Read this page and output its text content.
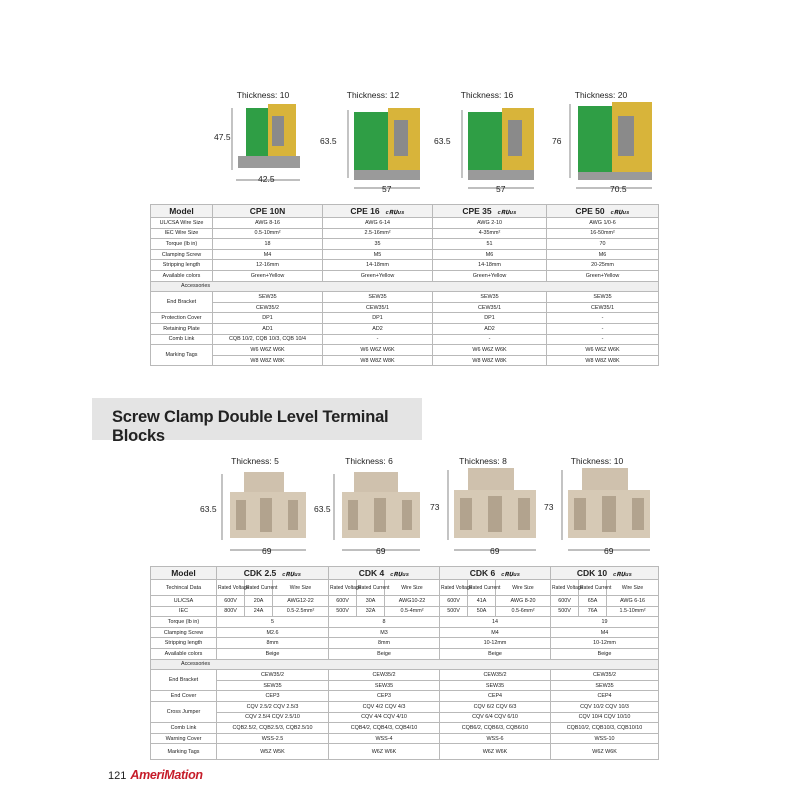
Thickness: 10
47.5
42.5
Thickness: 12
63.5
57
Thickness: 16
63.5
57
Thickness: 20
76
70.5
Model	CPE 10N	CPE 16 c𝐑𝐔us	CPE 35 c𝐑𝐔us	CPE 50 c𝐑𝐔us
UL/CSA Wire Size	AWG 8-16	AWG 6-14	AWG 2-10	AWG 1/0-6
IEC Wire Size	0.5-10mm²	2.5-16mm²	4-35mm²	16-50mm²
Torque (lb in)	18	35	51	70
Clamping Screw	M4	M5	M6	M6
Stripping length	12-16mm	14-18mm	14-18mm	20-25mm
Available colors	Green+Yellow	Green+Yellow	Green+Yellow	Green+Yellow
Accessories				
End Bracket	SEW35	SEW35	SEW35	SEW35
	CEW35/2	CEW35/1	CEW35/1	CEW35/1
Protection Cover	DP1	DP1	DP1	-
Retaining Plate	AD1	AD2	AD2	-
Comb Link	CQB 10/2, CQB 10/3, CQB 10/4	-	-	-
Marking Tags	W6 W6Z W6K	W6 W6Z W6K	W6 W6Z W6K	W6 W6Z W6K
	W8 W8Z W8K	W8 W8Z W8K	W8 W8Z W8K	W8 W8Z W8K
Screw Clamp Double Level Terminal Blocks
Thickness: 5
63.5
69
Thickness: 6
63.5
69
Thickness: 8
73
69
Thickness: 10
73
69
Model	CDK 2.5 c𝐑𝐔us			CDK 4 c𝐑𝐔us			CDK 6 c𝐑𝐔us			CDK 10 c𝐑𝐔us		
Techincal Data	Rated Voltage	Rated Current	Wire Size	Rated Voltage	Rated Current	Wire Size	Rated Voltage	Rated Current	Wire Size	Rated Voltage	Rated Current	Wire Size
UL/CSA	600V	20A	AWG12-22	600V	30A	AWG10-22	600V	41A	AWG 8-20	600V	65A	AWG 6-16
IEC	800V	24A	0.5-2.5mm²	500V	32A	0.5-4mm²	500V	50A	0.5-6mm²	500V	76A	1.5-10mm²
Torque (lb in)	5			8			14			19		
Clamping Screw	M2.6			M3			M4			M4		
Stripping length	8mm			8mm			10-12mm			10-12mm		
Available colors	Beige			Beige			Beige			Beige		
Accessories												
End Bracket	CEW35/2			CEW35/2			CEW35/2			CEW35/2		
	SEW35			SEW35			SEW35			SEW35		
End Cover	CEP3			CEP3			CEP4			CEP4		
Cross Jumper	CQV 2.5/2 CQV 2.5/3			CQV 4/2 CQV 4/3			CQV 6/2 CQV 6/3			CQV 10/2 CQV 10/3		
	CQV 2.5/4 CQV 2.5/10			CQV 4/4 CQV 4/10			CQV 6/4 CQV 6/10			CQV 10/4 CQV 10/10		
Comb Link	CQB2.5/2, CQB2.5/3, CQB2.5/10			CQB4/2, CQB4/3, CQB4/10			CQB6/2, CQB6/3, CQB6/10			CQB10/2, CQB10/3, CQB10/10		
Warning Cover	WSS-2.5			WSS-4			WSS-6			WSS-10		
Marking Tags	W5Z W5K			W6Z W6K			W6Z W6K			W6Z W6K		
121 AmeriMation
